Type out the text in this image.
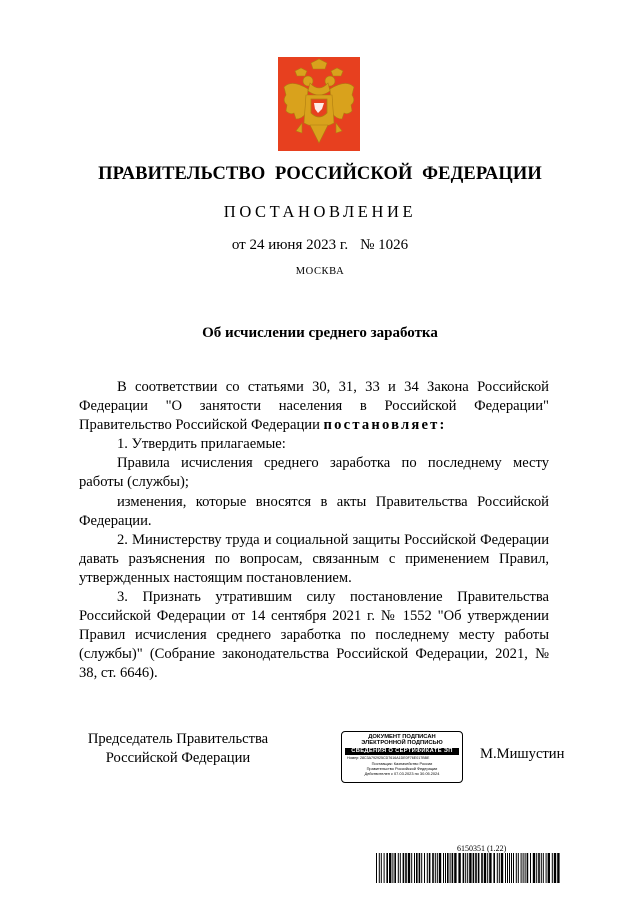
ПРАВИТЕЛЬСТВО РОССИЙСКОЙ ФЕДЕРАЦИИ
ПОСТАНОВЛЕНИЕ
от 24 июня 2023 г. № 1026
МОСКВА
Об исчислении среднего заработка

В соответствии со статьями 30, 31, 33 и 34 Закона Российской Федерации "О занятости населения в Российской Федерации" Правительство Российской Федерации постановляет:

1. Утвердить прилагаемые:

Правила исчисления среднего заработка по последнему месту работы (службы);

изменения, которые вносятся в акты Правительства Российской Федерации.

2. Министерству труда и социальной защиты Российской Федерации давать разъяснения по вопросам, связанным с применением Правил, утвержденных настоящим постановлением.

3. Признать утратившим силу постановление Правительства Российской Федерации от 14 сентября 2021 г. № 1552 "Об утверждении Правил исчисления среднего заработка по последнему месту работы (службы)" (Собрание законодательства Российской Федерации, 2021, № 38, ст. 6646).

Председатель Правительства
Российской Федерации
ДОКУМЕНТ ПОДПИСАН
ЭЛЕКТРОННОЙ ПОДПИСЬЮ
СВЕДЕНИЯ О СЕРТИФИКАТЕ ЭП
Номер: 28C3A792925CD7616A1DE0F76E017BBE
Поставщик: Казначейство России
Правительство Российской Федерации
Действителен с 07.03.2023 по 30.05.2024
М.Мишустин
6150351 (1.22)
